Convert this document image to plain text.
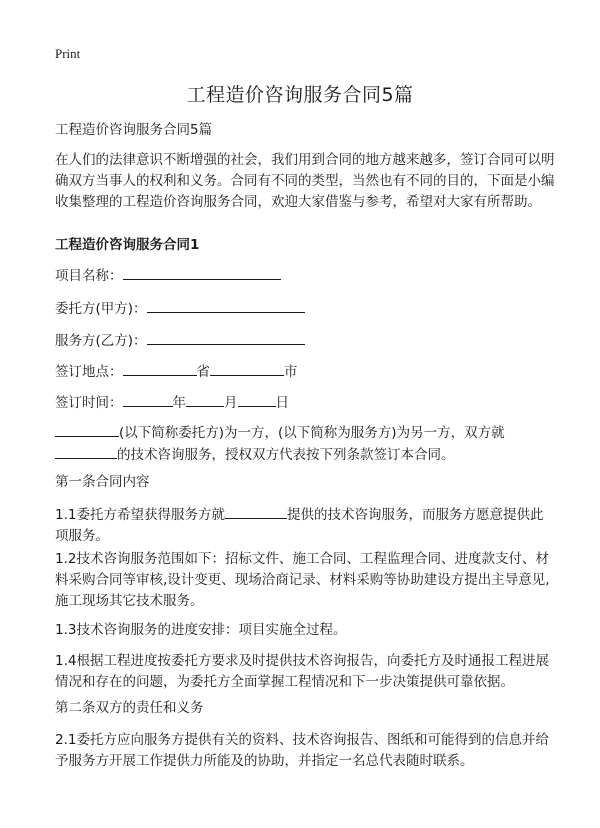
Print
工程造价咨询服务合同5篇
工程造价咨询服务合同5篇
在人们的法律意识不断增强的社会，我们用到合同的地方越来越多，签订合同可以明确双方当事人的权利和义务。合同有不同的类型，当然也有不同的目的，下面是小编收集整理的工程造价咨询服务合同，欢迎大家借鉴与参考，希望对大家有所帮助。
工程造价咨询服务合同1
项目名称：
委托方(甲方)：
服务方(乙方)：
签订地点：	省	市
签订时间：	年	月	日
(以下简称委托方)为一方，(以下简称为服务方)为另一方，双方就
的技术咨询服务，授权双方代表按下列条款签订本合同。
第一条合同内容
1.1委托方希望获得服务方就	提供的技术咨询服务，而服务方愿意提供此项服务。
1.2技术咨询服务范围如下：招标文件、施工合同、工程监理合同、进度款支付、材料采购合同等审核,设计变更、现场洽商记录、材料采购等协助建设方提出主导意见,施工现场其它技术服务。
1.3技术咨询服务的进度安排：项目实施全过程。
1.4根据工程进度按委托方要求及时提供技术咨询报告，向委托方及时通报工程进展情况和存在的问题，为委托方全面掌握工程情况和下一步决策提供可靠依据。
第二条双方的责任和义务
2.1委托方应向服务方提供有关的资料、技术咨询报告、图纸和可能得到的信息并给予服务方开展工作提供力所能及的协助，并指定一名总代表随时联系。
